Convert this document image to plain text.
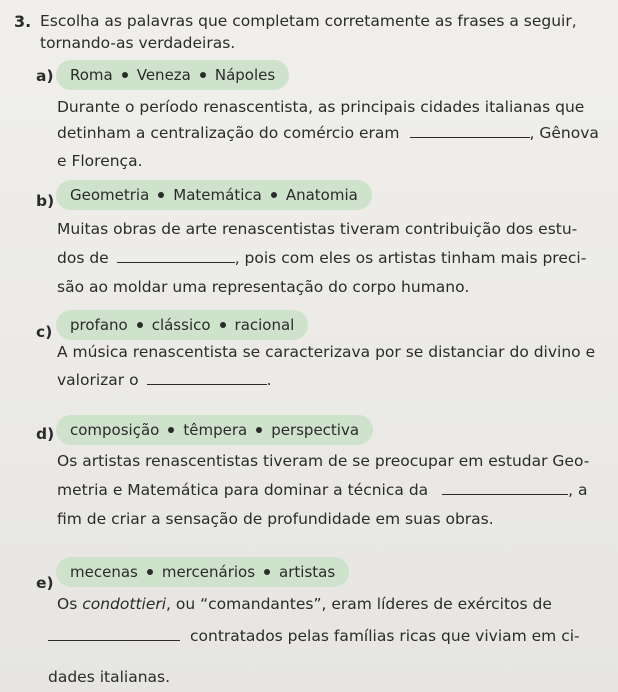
3. Escolha as palavras que completam corretamente as frases a seguir,
tornando-as verdadeiras.
a) Roma Veneza Nápoles
Durante o período renascentista, as principais cidades italianas que
detinham a centralização do comércio eram	, Gênova
e Florença.
b) Geometria Matemática Anatomia
Muitas obras de arte renascentistas tiveram contribuição dos estu-
dos de	, pois com eles os artistas tinham mais preci-
são ao moldar uma representação do corpo humano.
c) profano clássico racional
A música renascentista se caracterizava por se distanciar do divino e
valorizar o	.
d) composição têmpera perspectiva
Os artistas renascentistas tiveram de se preocupar em estudar Geo-
metria e Matemática para dominar a técnica da	, a
fim de criar a sensação de profundidade em suas obras.
e)
mecenas mercenários artistas
Os condottieri, ou “comandantes”, eram líderes de exércitos de
contratados pelas famílias ricas que viviam em ci-
dades italianas.
